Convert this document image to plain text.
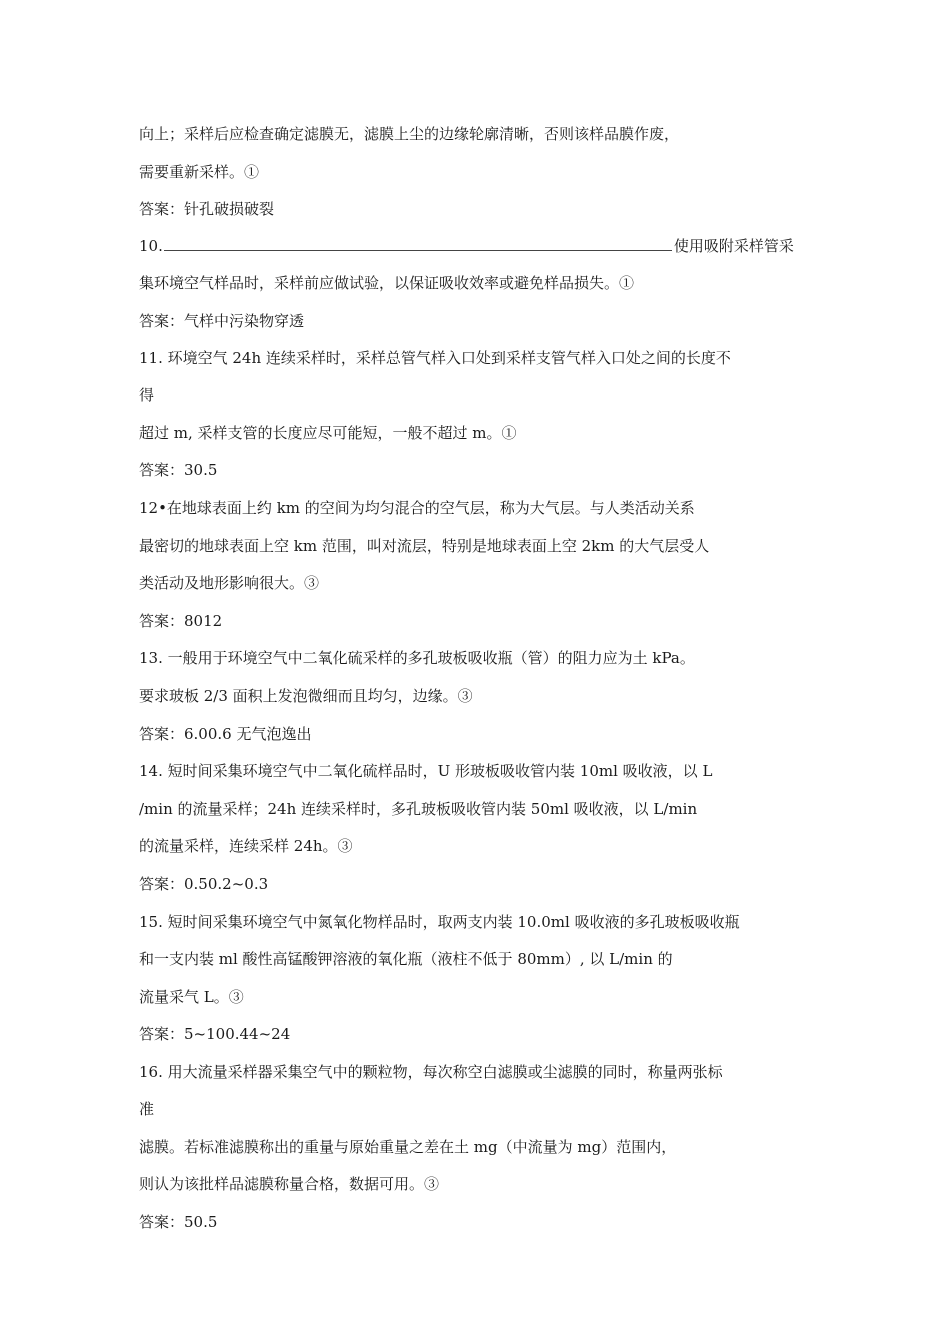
向上；采样后应检查确定滤膜无，滤膜上尘的边缘轮廓清晰，否则该样品膜作废，
需要重新采样。①
答案：针孔破损破裂
10.	使用吸附采样管采
集环境空气样品时，采样前应做试验，以保证吸收效率或避免样品损失。①
答案：气样中污染物穿透
11. 环境空气 24h 连续采样时，采样总管气样入口处到采样支管气样入口处之间的长度不
得
超过 m, 采样支管的长度应尽可能短，一般不超过 m。①
答案：30.5
12•在地球表面上约 km 的空间为均匀混合的空气层，称为大气层。与人类活动关系
最密切的地球表面上空 km 范围，叫对流层，特别是地球表面上空 2km 的大气层受人
类活动及地形影响很大。③
答案：8012
13. 一般用于环境空气中二氧化硫采样的多孔玻板吸收瓶（管）的阻力应为土 kPa。
要求玻板 2/3 面积上发泡微细而且均匀，边缘。③
答案：6.00.6 无气泡逸出
14. 短时间采集环境空气中二氧化硫样品时，U 形玻板吸收管内装 10ml 吸收液，以 L
/min 的流量采样；24h 连续采样时，多孔玻板吸收管内装 50ml 吸收液，以 L/min
的流量采样，连续采样 24h。③
答案：0.50.2~0.3
15. 短时间采集环境空气中氮氧化物样品时，取两支内装 10.0ml 吸收液的多孔玻板吸收瓶
和一支内装 ml 酸性高锰酸钾溶液的氧化瓶（液柱不低于 80mm）, 以 L/min 的
流量采气 L。③
答案：5~100.44~24
16. 用大流量采样器采集空气中的颗粒物，每次称空白滤膜或尘滤膜的同时，称量两张标
准
滤膜。若标准滤膜称出的重量与原始重量之差在土 mg（中流量为 mg）范围内，
则认为该批样品滤膜称量合格，数据可用。③
答案：50.5
